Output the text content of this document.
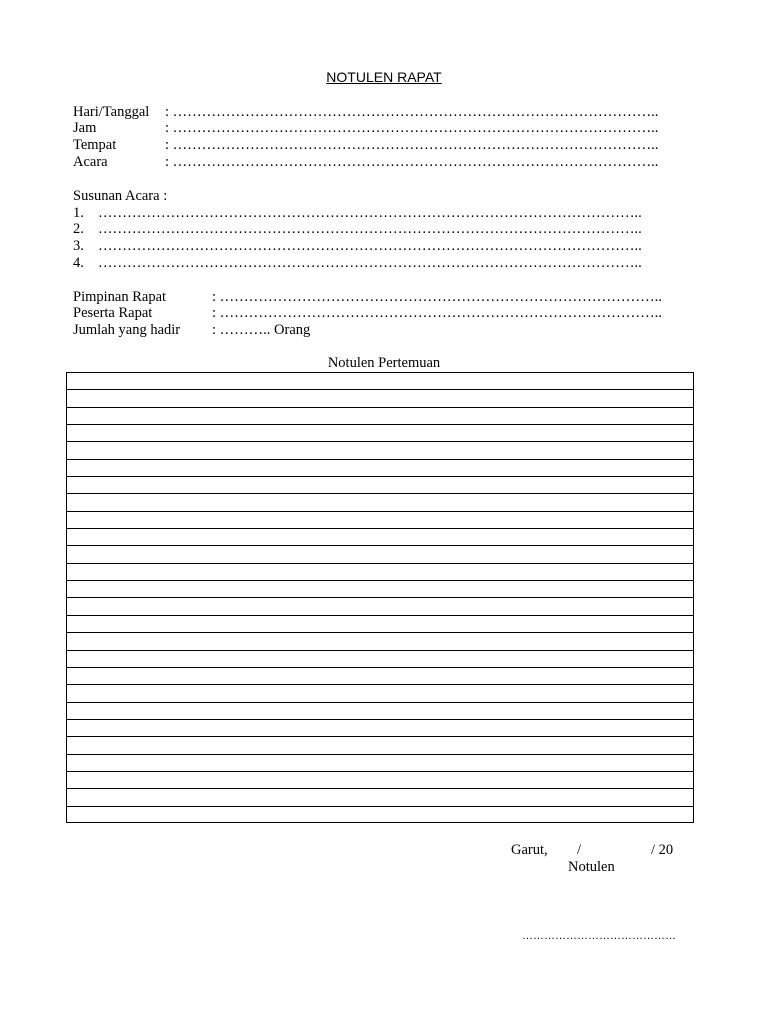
NOTULEN RAPAT
Hari/Tanggal : ………………………………………………………………………………………..
Jam	: ………………………………………………………………………………………..
Tempat	: ………………………………………………………………………………………..
Acara	: ………………………………………………………………………………………..
Susunan Acara :
1. …………………………………………………………………………………………………..
2. …………………………………………………………………………………………………..
3. …………………………………………………………………………………………………..
4. …………………………………………………………………………………………………..
Pimpinan Rapat	: ………………………………………………………………………………..
Peserta Rapat	: ………………………………………………………………………………..
Jumlah yang hadir : ……….. Orang
Notulen Pertemuan
Garut, /	/ 20
Notulen
……………………………………
